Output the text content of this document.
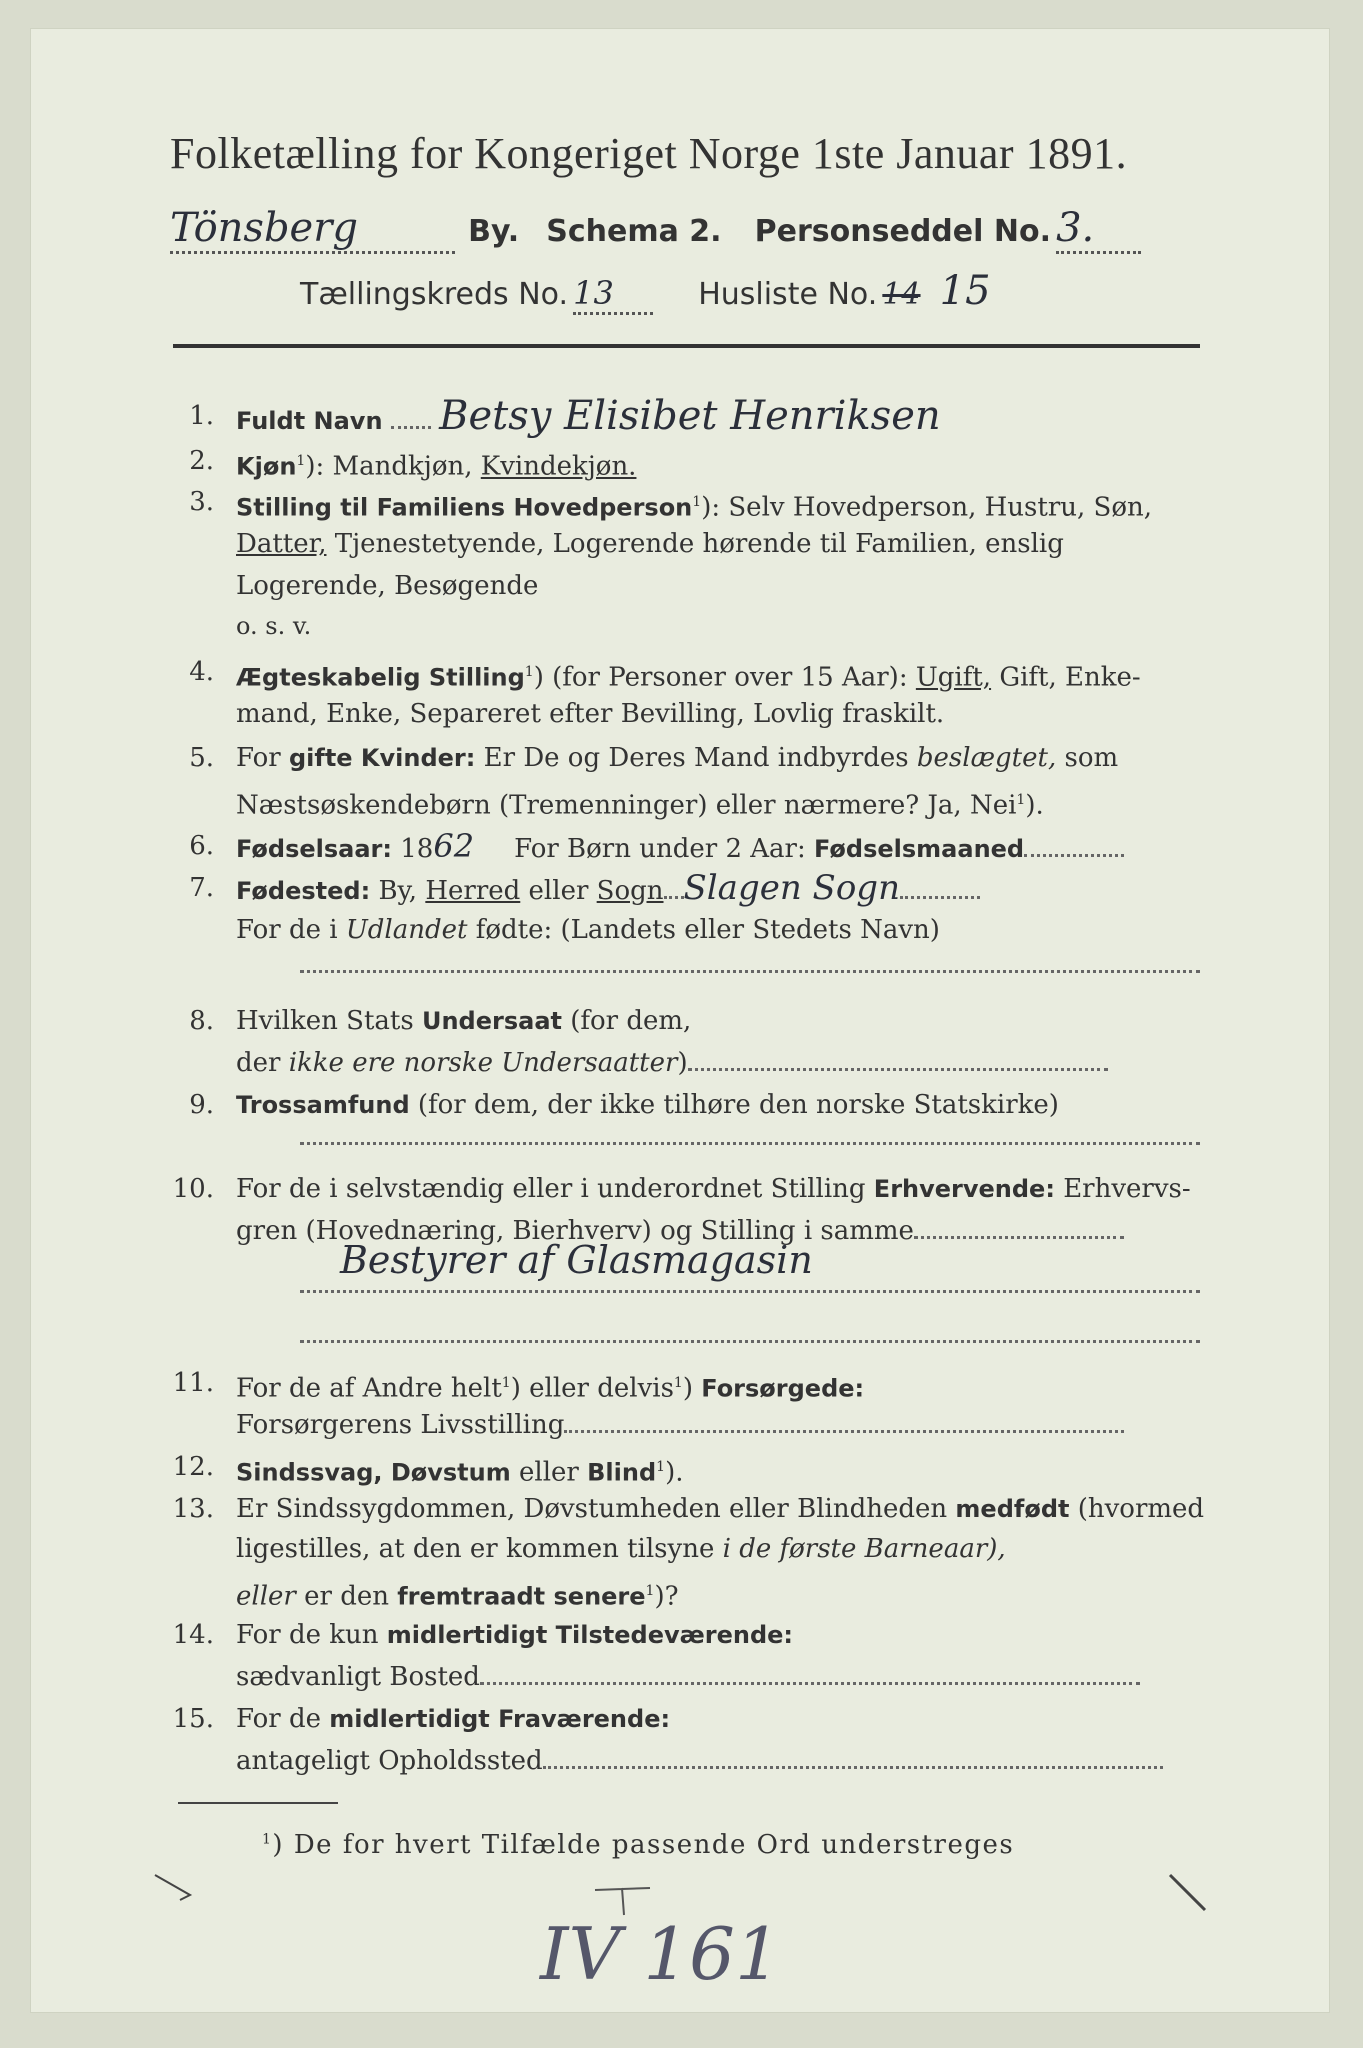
Folketælling for Kongeriget Norge 1ste Januar 1891.
Tönsberg	By. Schema 2. Personseddel No. 3.
Tællingskreds No. 13	Husliste No. 14 15
1. Fuldt Navn Betsy Elisibet Henriksen
2. Kjøn$^1$): Mandkjøn, Kvindekjøn.
3. Stilling til Familiens Hovedperson$^1$): Selv Hovedperson, Hustru, Søn,
Datter, Tjenestetyende, Logerende hørende til Familien, enslig
Logerende, Besøgende
o. s. v.
4. Ægteskabelig Stilling$^1$) (for Personer over 15 Aar): Ugift, Gift, Enke-
mand, Enke, Separeret efter Bevilling, Lovlig fraskilt.
5. For gifte Kvinder: Er De og Deres Mand indbyrdes beslægtet, som
Næstsøskendebørn (Tremenninger) eller nærmere? Ja, Nei$^1$).
6. Fødselsaar: 1862 For Børn under 2 Aar: Fødselsmaaned
7. Fødested: By, Herred eller Sogn Slagen Sogn
For de i Udlandet fødte: (Landets eller Stedets Navn)
8. Hvilken Stats Undersaat (for dem,
der ikke ere norske Undersaatter)
9. Trossamfund (for dem, der ikke tilhøre den norske Statskirke)
10. For de i selvstændig eller i underordnet Stilling Erhvervende: Erhvervs-
gren (Hovednæring, Bierhverv) og Stilling i samme
Bestyrer af Glasmagasin
11. For de af Andre helt$^1$) eller delvis$^1$) Forsørgede:
Forsørgerens Livsstilling
12. Sindssvag, Døvstum eller Blind$^1$).
13. Er Sindssygdommen, Døvstumheden eller Blindheden medfødt (hvormed
ligestilles, at den er kommen tilsyne i de første Barneaar),
eller er den fremtraadt senere$^1$)?
14. For de kun midlertidigt Tilstedeværende:
sædvanligt Bosted
15. For de midlertidigt Fraværende:
antageligt Opholdssted
$^1$) De for hvert Tilfælde passende Ord understreges
IV 161
